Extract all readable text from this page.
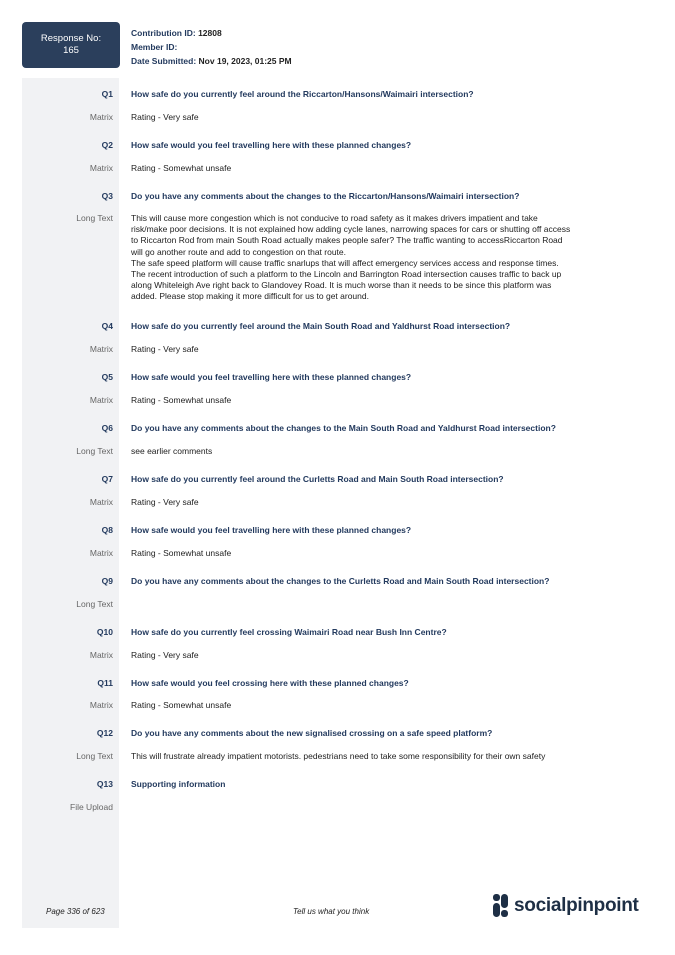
Response No:
165
Contribution ID: 12808
Member ID:
Date Submitted: Nov 19, 2023, 01:25 PM
Q1 How safe do you currently feel around the Riccarton/Hansons/Waimairi intersection?
Matrix Rating - Very safe
Q2 How safe would you feel travelling here with these planned changes?
Matrix Rating - Somewhat unsafe
Q3 Do you have any comments about the changes to the Riccarton/Hansons/Waimairi intersection?
Long Text This will cause more congestion which is not conducive to road safety as it makes drivers impatient and take
risk/make poor decisions. It is not explained how adding cycle lanes, narrowing spaces for cars or shutting off access
to Riccarton Rod from main South Road actually makes people safer? The traffic wanting to accessRiccarton Road
will go another route and add to congestion on that route.
The safe speed platform will cause traffic snarlups that will affect emergency services access and response times.
The recent introduction of such a platform to the Lincoln and Barrington Road intersection causes traffic to back up
along Whiteleigh Ave right back to Glandovey Road. It is much worse than it needs to be since this platform was
added. Please stop making it more difficult for us to get around.
Q4 How safe do you currently feel around the Main South Road and Yaldhurst Road intersection?
Matrix Rating - Very safe
Q5 How safe would you feel travelling here with these planned changes?
Matrix Rating - Somewhat unsafe
Q6 Do you have any comments about the changes to the Main South Road and Yaldhurst Road intersection?
Long Text see earlier comments
Q7 How safe do you currently feel around the Curletts Road and Main South Road intersection?
Matrix Rating - Very safe
Q8 How safe would you feel travelling here with these planned changes?
Matrix Rating - Somewhat unsafe
Q9 Do you have any comments about the changes to the Curletts Road and Main South Road intersection?
Long Text
Q10 How safe do you currently feel crossing Waimairi Road near Bush Inn Centre?
Matrix Rating - Very safe
Q11 How safe would you feel crossing here with these planned changes?
Matrix Rating - Somewhat unsafe
Q12 Do you have any comments about the new signalised crossing on a safe speed platform?
Long Text This will frustrate already impatient motorists. pedestrians need to take some responsibility for their own safety
Q13 Supporting information
File Upload
Page 336 of 623	Tell us what you think	socialpinpoint
